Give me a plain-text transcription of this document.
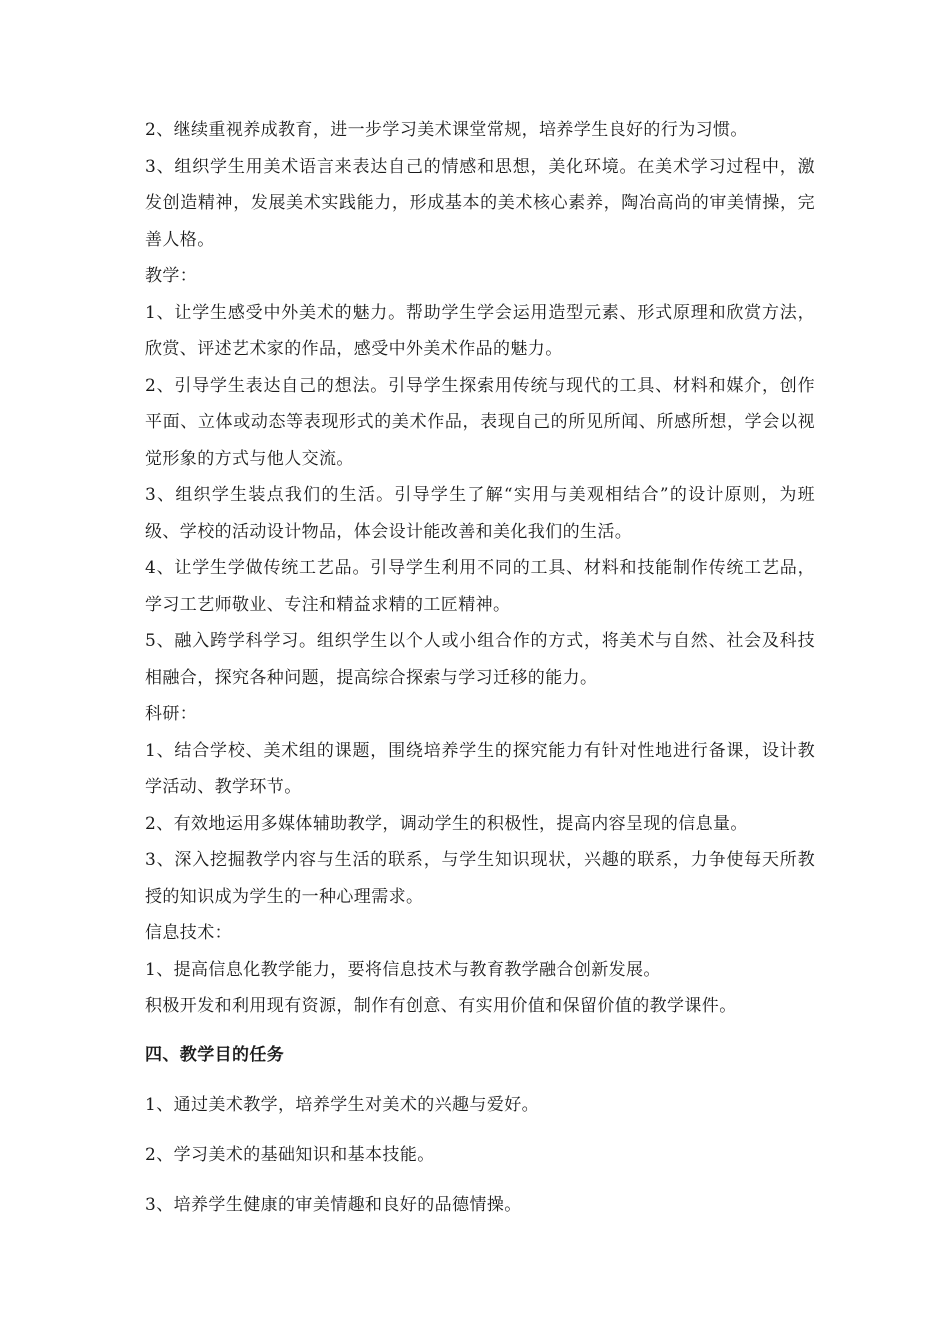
2、继续重视养成教育，进一步学习美术课堂常规，培养学生良好的行为习惯。

3、组织学生用美术语言来表达自己的情感和思想，美化环境。在美术学习过程中，激发创造精神，发展美术实践能力，形成基本的美术核心素养，陶冶高尚的审美情操，完善人格。

教学：

1、让学生感受中外美术的魅力。帮助学生学会运用造型元素、形式原理和欣赏方法，欣赏、评述艺术家的作品，感受中外美术作品的魅力。

2、引导学生表达自己的想法。引导学生探索用传统与现代的工具、材料和媒介，创作平面、立体或动态等表现形式的美术作品，表现自己的所见所闻、所感所想，学会以视觉形象的方式与他人交流。

3、组织学生装点我们的生活。引导学生了解“实用与美观相结合”的设计原则，为班级、学校的活动设计物品，体会设计能改善和美化我们的生活。

4、让学生学做传统工艺品。引导学生利用不同的工具、材料和技能制作传统工艺品，学习工艺师敬业、专注和精益求精的工匠精神。

5、融入跨学科学习。组织学生以个人或小组合作的方式，将美术与自然、社会及科技相融合，探究各种问题，提高综合探索与学习迁移的能力。

科研：

1、结合学校、美术组的课题，围绕培养学生的探究能力有针对性地进行备课，设计教学活动、教学环节。

2、有效地运用多媒体辅助教学，调动学生的积极性，提高内容呈现的信息量。

3、深入挖掘教学内容与生活的联系，与学生知识现状，兴趣的联系，力争使每天所教授的知识成为学生的一种心理需求。

信息技术：

1、提高信息化教学能力，要将信息技术与教育教学融合创新发展。

积极开发和利用现有资源，制作有创意、有实用价值和保留价值的教学课件。

四、教学目的任务

1、通过美术教学，培养学生对美术的兴趣与爱好。

2、学习美术的基础知识和基本技能。

3、培养学生健康的审美情趣和良好的品德情操。
